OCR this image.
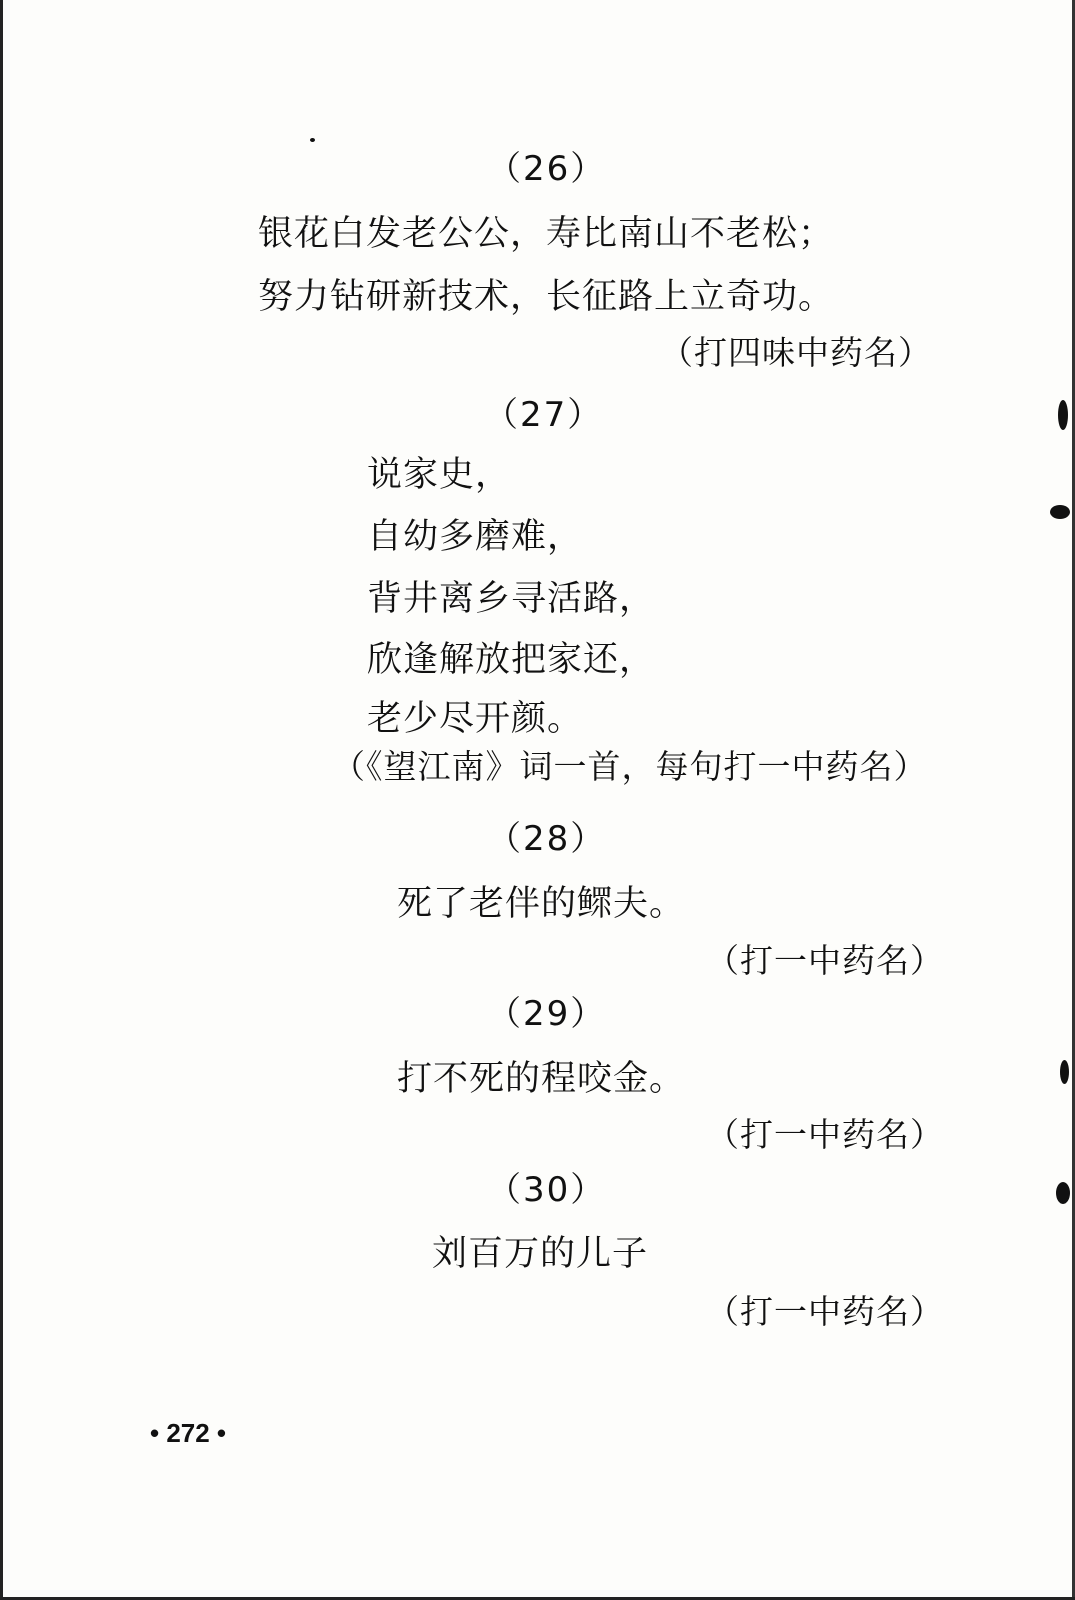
（26）
银花白发老公公，寿比南山不老松；
努力钻研新技术，长征路上立奇功。
（打四味中药名）
（27）
说家史，
自幼多磨难，
背井离乡寻活路，
欣逢解放把家还，
老少尽开颜。
（《望江南》词一首，每句打一中药名）
（28）
死了老伴的鳏夫。
（打一中药名）
（29）
打不死的程咬金。
（打一中药名）
（30）
刘百万的儿子
（打一中药名）
• 272 •
